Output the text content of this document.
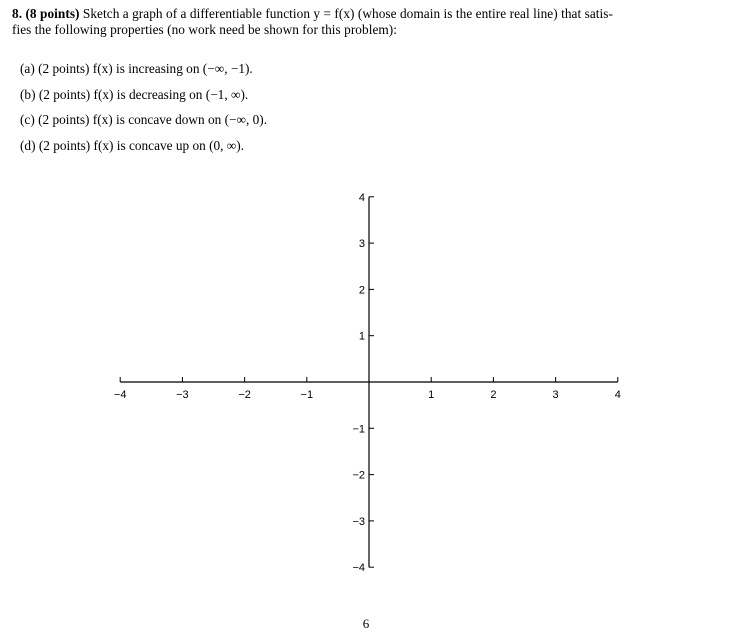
8. (8 points) Sketch a graph of a differentiable function y = f(x) (whose domain is the entire real line) that satis-
fies the following properties (no work need be shown for this problem):
(a) (2 points) f(x) is increasing on (−∞, −1).
(b) (2 points) f(x) is decreasing on (−1, ∞).
(c) (2 points) f(x) is concave down on (−∞, 0).
(d) (2 points) f(x) is concave up on (0, ∞).
−4	−3	−2	−1	1	2	3	4
4
3
2
1
−1
−2
−3
−4
6
